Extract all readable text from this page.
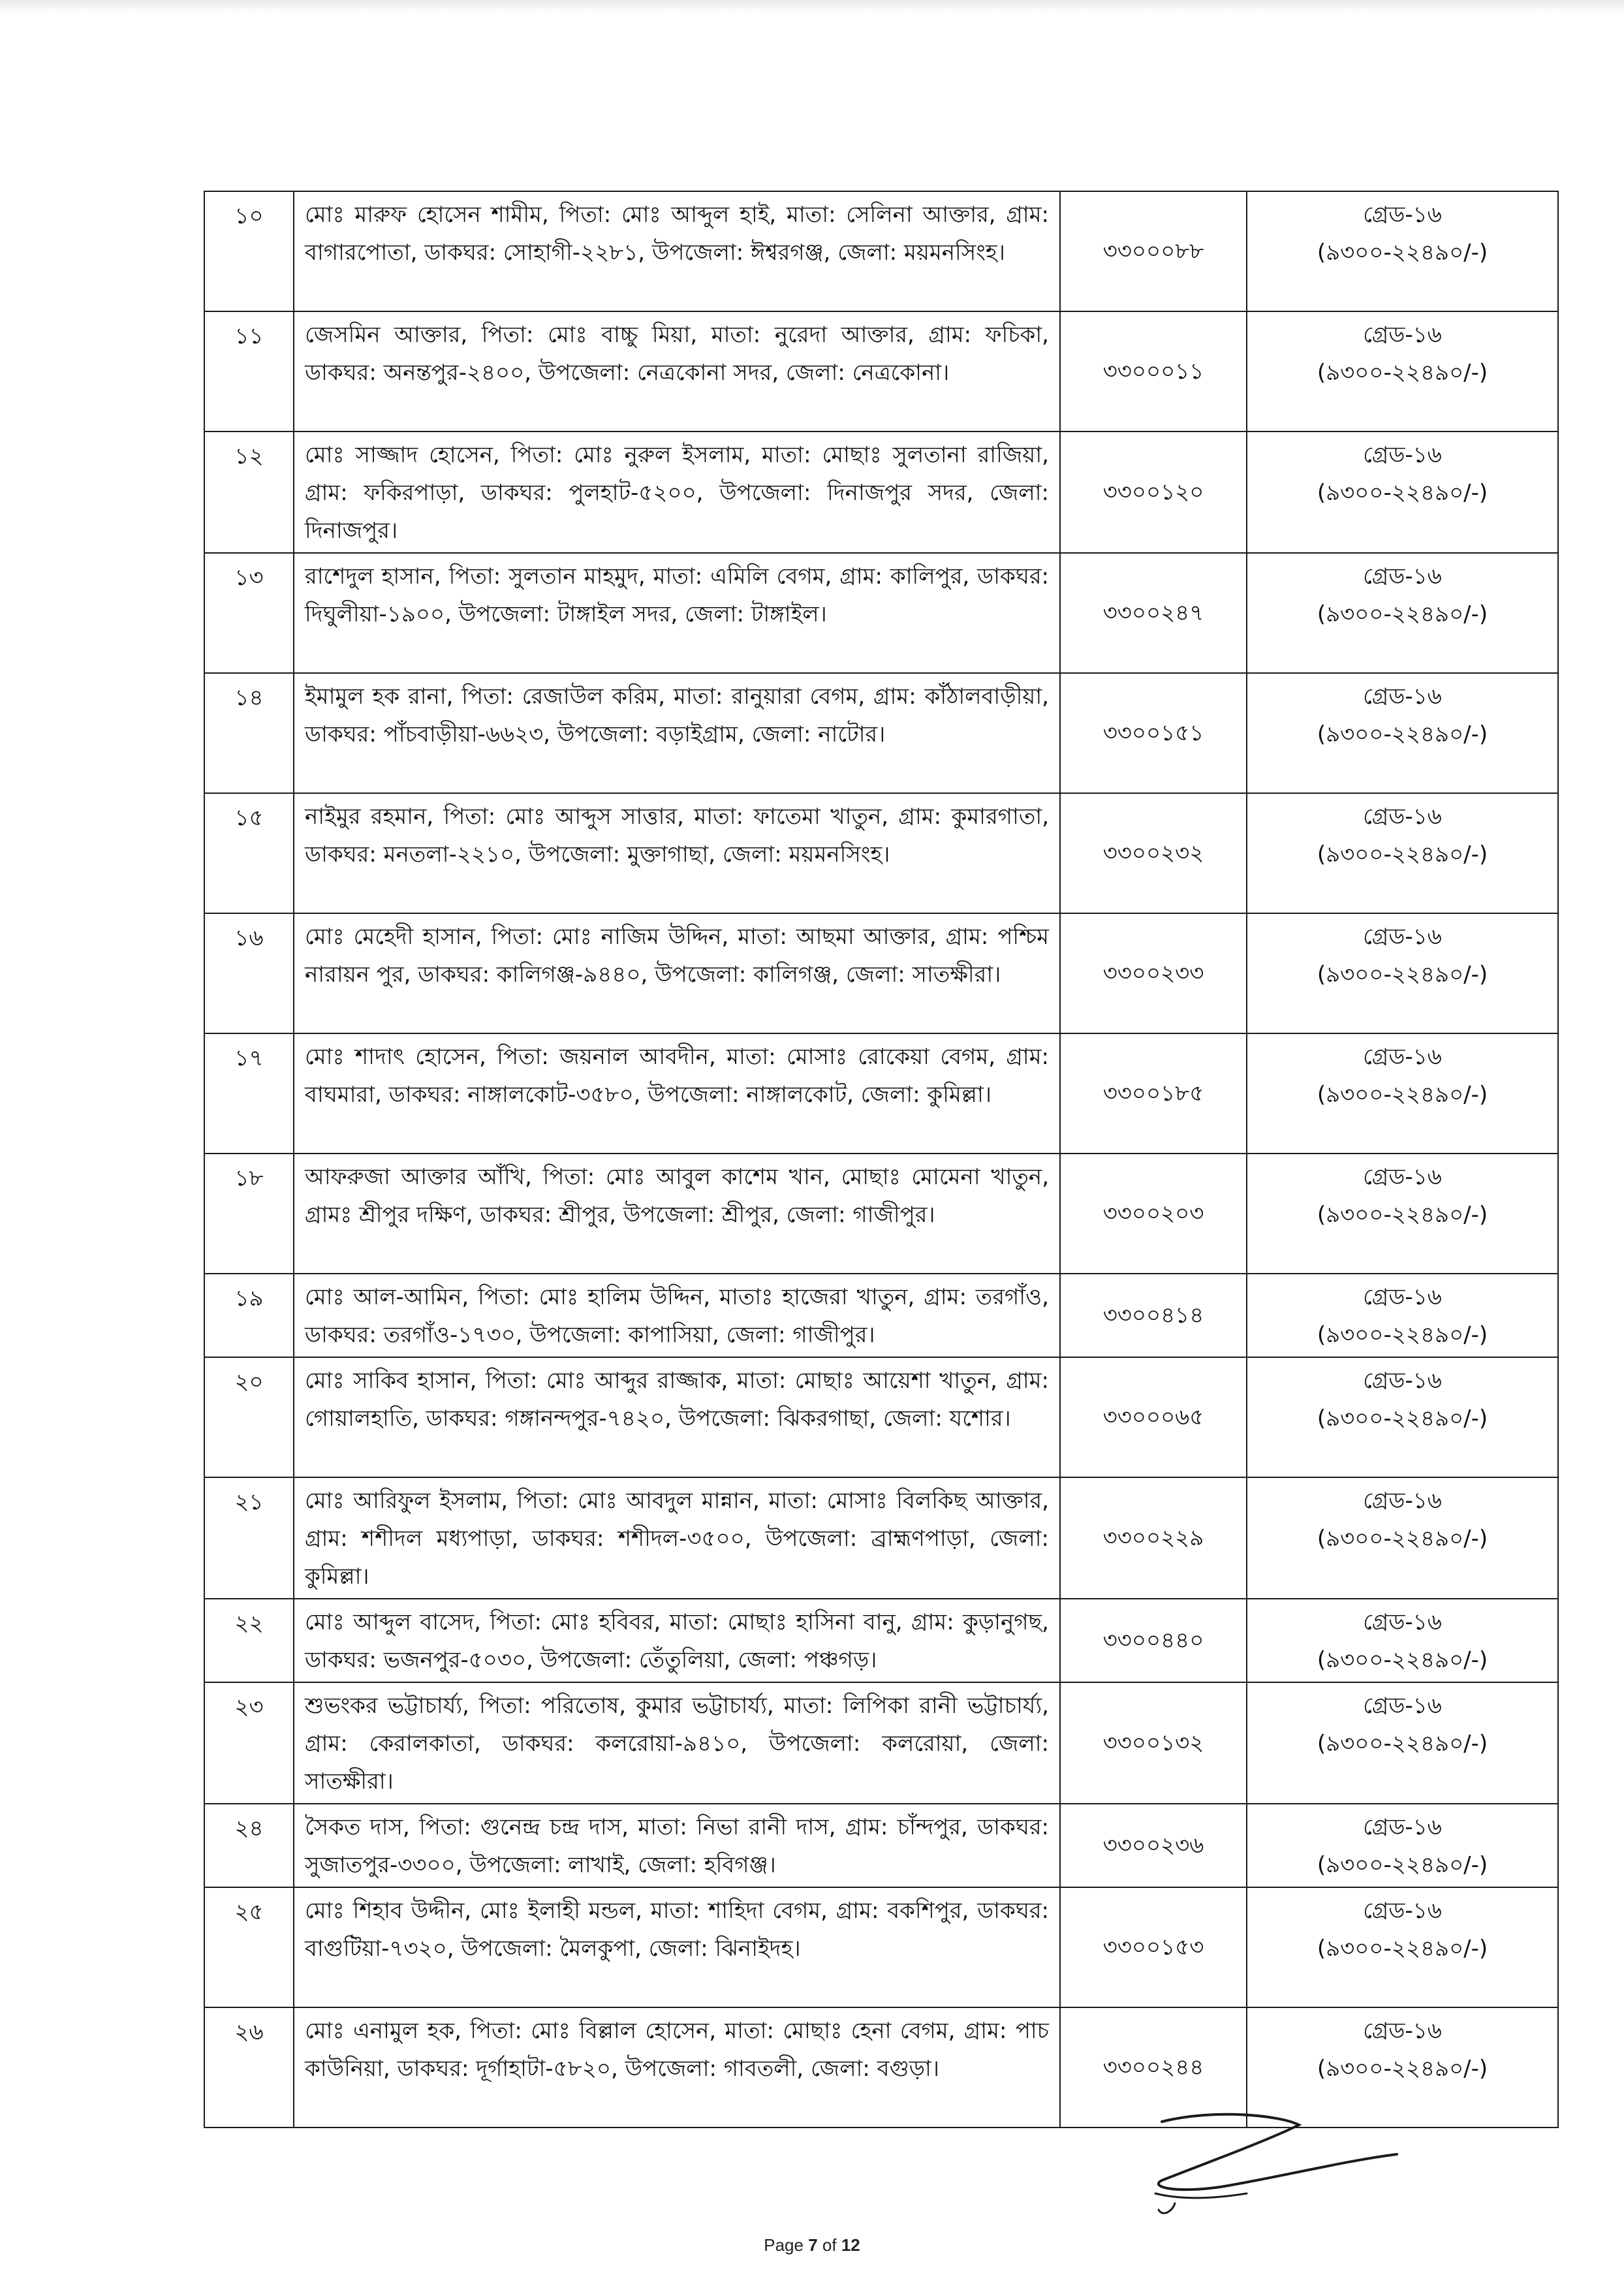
১০	মোঃ মারুফ হোসেন শামীম, পিতা: মোঃ আব্দুল হাই, মাতা: সেলিনা আক্তার, গ্রাম: বাগারপোতা, ডাকঘর: সোহাগী-২২৮১, উপজেলা: ঈশ্বরগঞ্জ, জেলা: ময়মনসিংহ।	৩৩০০০৮৮	গ্রেড-১৬
(৯৩০০-২২৪৯০/-)

১১	জেসমিন আক্তার, পিতা: মোঃ বাচ্চু মিয়া, মাতা: নুরেদা আক্তার, গ্রাম: ফচিকা, ডাকঘর: অনন্তপুর-২৪০০, উপজেলা: নেত্রকোনা সদর, জেলা: নেত্রকোনা।	৩৩০০০১১	গ্রেড-১৬
(৯৩০০-২২৪৯০/-)

১২	মোঃ সাজ্জাদ হোসেন, পিতা: মোঃ নুরুল ইসলাম, মাতা: মোছাঃ সুলতানা রাজিয়া, গ্রাম: ফকিরপাড়া, ডাকঘর: পুলহাট-৫২০০, উপজেলা: দিনাজপুর সদর, জেলা: দিনাজপুর।	৩৩০০১২০	গ্রেড-১৬
(৯৩০০-২২৪৯০/-)

১৩	রাশেদুল হাসান, পিতা: সুলতান মাহমুদ, মাতা: এমিলি বেগম, গ্রাম: কালিপুর, ডাকঘর: দিঘুলীয়া-১৯০০, উপজেলা: টাঙ্গাইল সদর, জেলা: টাঙ্গাইল।	৩৩০০২৪৭	গ্রেড-১৬
(৯৩০০-২২৪৯০/-)

১৪	ইমামুল হক রানা, পিতা: রেজাউল করিম, মাতা: রানুয়ারা বেগম, গ্রাম: কাঁঠালবাড়ীয়া, ডাকঘর: পাঁচবাড়ীয়া-৬৬২৩, উপজেলা: বড়াইগ্রাম, জেলা: নাটোর।	৩৩০০১৫১	গ্রেড-১৬
(৯৩০০-২২৪৯০/-)

১৫	নাইমুর রহমান, পিতা: মোঃ আব্দুস সাত্তার, মাতা: ফাতেমা খাতুন, গ্রাম: কুমারগাতা, ডাকঘর: মনতলা-২২১০, উপজেলা: মুক্তাগাছা, জেলা: ময়মনসিংহ।	৩৩০০২৩২	গ্রেড-১৬
(৯৩০০-২২৪৯০/-)

১৬	মোঃ মেহেদী হাসান, পিতা: মোঃ নাজিম উদ্দিন, মাতা: আছমা আক্তার, গ্রাম: পশ্চিম নারায়ন পুর, ডাকঘর: কালিগঞ্জ-৯৪৪০, উপজেলা: কালিগঞ্জ, জেলা: সাতক্ষীরা।	৩৩০০২৩৩	গ্রেড-১৬
(৯৩০০-২২৪৯০/-)

১৭	মোঃ শাদাৎ হোসেন, পিতা: জয়নাল আবদীন, মাতা: মোসাঃ রোকেয়া বেগম, গ্রাম: বাঘমারা, ডাকঘর: নাঙ্গালকোট-৩৫৮০, উপজেলা: নাঙ্গালকোট, জেলা: কুমিল্লা।	৩৩০০১৮৫	গ্রেড-১৬
(৯৩০০-২২৪৯০/-)

১৮	আফরুজা আক্তার আঁখি, পিতা: মোঃ আবুল কাশেম খান, মোছাঃ মোমেনা খাতুন, গ্রামঃ শ্রীপুর দক্ষিণ, ডাকঘর: শ্রীপুর, উপজেলা: শ্রীপুর, জেলা: গাজীপুর।	৩৩০০২০৩	গ্রেড-১৬
(৯৩০০-২২৪৯০/-)

১৯	মোঃ আল-আমিন, পিতা: মোঃ হালিম উদ্দিন, মাতাঃ হাজেরা খাতুন, গ্রাম: তরগাঁও, ডাকঘর: তরগাঁও-১৭৩০, উপজেলা: কাপাসিয়া, জেলা: গাজীপুর।	৩৩০০৪১৪	গ্রেড-১৬
(৯৩০০-২২৪৯০/-)

২০	মোঃ সাকিব হাসান, পিতা: মোঃ আব্দুর রাজ্জাক, মাতা: মোছাঃ আয়েশা খাতুন, গ্রাম: গোয়ালহাতি, ডাকঘর: গঙ্গানন্দপুর-৭৪২০, উপজেলা: ঝিকরগাছা, জেলা: যশোর।	৩৩০০০৬৫	গ্রেড-১৬
(৯৩০০-২২৪৯০/-)

২১	মোঃ আরিফুল ইসলাম, পিতা: মোঃ আবদুল মান্নান, মাতা: মোসাঃ বিলকিছ আক্তার, গ্রাম: শশীদল মধ্যপাড়া, ডাকঘর: শশীদল-৩৫০০, উপজেলা: ব্রাহ্মণপাড়া, জেলা: কুমিল্লা।	৩৩০০২২৯	গ্রেড-১৬
(৯৩০০-২২৪৯০/-)

২২	মোঃ আব্দুল বাসেদ, পিতা: মোঃ হবিবর, মাতা: মোছাঃ হাসিনা বানু, গ্রাম: কুড়ানুগছ, ডাকঘর: ভজনপুর-৫০৩০, উপজেলা: তেঁতুলিয়া, জেলা: পঞ্চগড়।	৩৩০০৪৪০	গ্রেড-১৬
(৯৩০০-২২৪৯০/-)

২৩	শুভংকর ভট্টাচার্য্য, পিতা: পরিতোষ, কুমার ভট্টাচার্য্য, মাতা: লিপিকা রানী ভট্টাচার্য্য, গ্রাম: কেরালকাতা, ডাকঘর: কলরোয়া-৯৪১০, উপজেলা: কলরোয়া, জেলা: সাতক্ষীরা।	৩৩০০১৩২	গ্রেড-১৬
(৯৩০০-২২৪৯০/-)

২৪	সৈকত দাস, পিতা: গুনেন্দ্র চন্দ্র দাস, মাতা: নিভা রানী দাস, গ্রাম: চাঁন্দপুর, ডাকঘর: সুজাতপুর-৩৩০০, উপজেলা: লাখাই, জেলা: হবিগঞ্জ।	৩৩০০২৩৬	গ্রেড-১৬
(৯৩০০-২২৪৯০/-)

২৫	মোঃ শিহাব উদ্দীন, মোঃ ইলাহী মন্ডল, মাতা: শাহিদা বেগম, গ্রাম: বকশিপুর, ডাকঘর: বাগুটিয়া-৭৩২০, উপজেলা: মৈলকুপা, জেলা: ঝিনাইদহ।	৩৩০০১৫৩	গ্রেড-১৬
(৯৩০০-২২৪৯০/-)

২৬	মোঃ এনামুল হক, পিতা: মোঃ বিল্লাল হোসেন, মাতা: মোছাঃ হেনা বেগম, গ্রাম: পাচ কাউনিয়া, ডাকঘর: দূর্গাহাটা-৫৮২০, উপজেলা: গাবতলী, জেলা: বগুড়া।	৩৩০০২৪৪	গ্রেড-১৬
(৯৩০০-২২৪৯০/-)
Page 7 of 12
